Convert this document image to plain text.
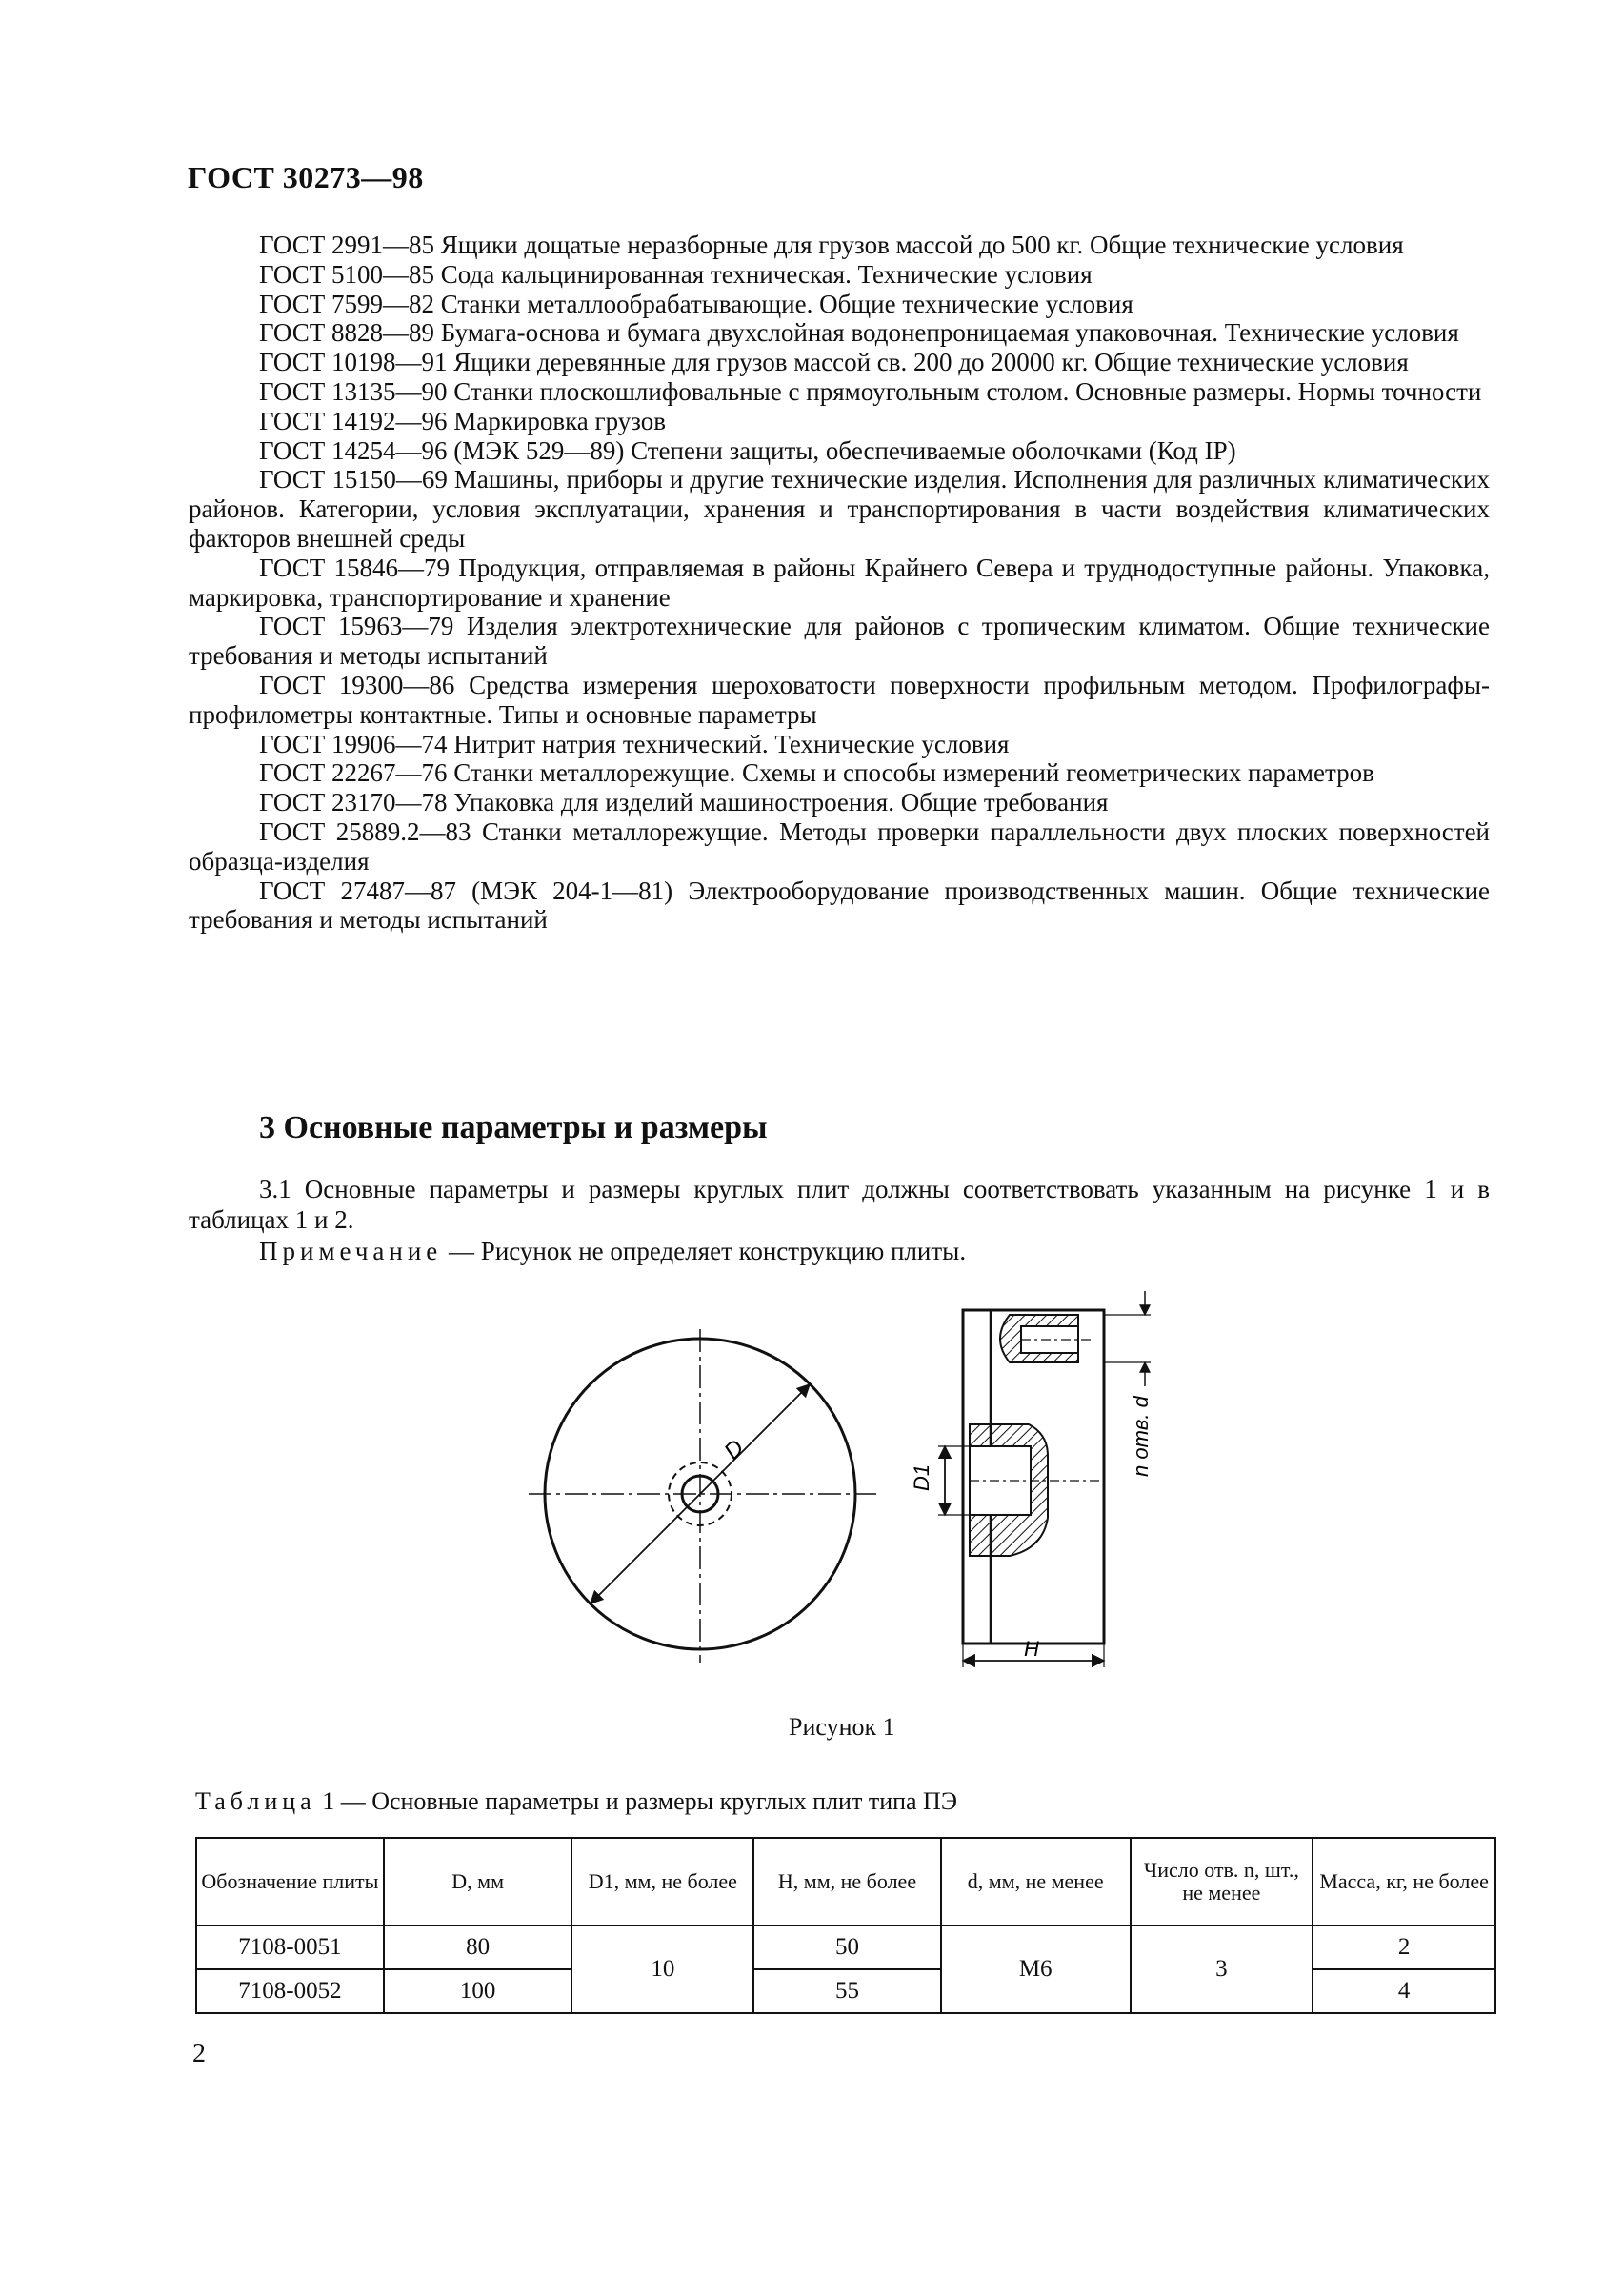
ГОСТ 30273—98
ГОСТ 2991—85 Ящики дощатые неразборные для грузов массой до 500 кг. Общие технические условия
ГОСТ 5100—85 Сода кальцинированная техническая. Технические условия
ГОСТ 7599—82 Станки металлообрабатывающие. Общие технические условия
ГОСТ 8828—89 Бумага-основа и бумага двухслойная водонепроницаемая упаковочная. Технические условия
ГОСТ 10198—91 Ящики деревянные для грузов массой св. 200 до 20000 кг. Общие технические условия
ГОСТ 13135—90 Станки плоскошлифовальные с прямоугольным столом. Основные размеры. Нормы точности
ГОСТ 14192—96 Маркировка грузов
ГОСТ 14254—96 (МЭК 529—89) Степени защиты, обеспечиваемые оболочками (Код IP)
ГОСТ 15150—69 Машины, приборы и другие технические изделия. Исполнения для различных климатических районов. Категории, условия эксплуатации, хранения и транспортирования в части воздействия климатических факторов внешней среды
ГОСТ 15846—79 Продукция, отправляемая в районы Крайнего Севера и труднодоступные районы. Упаковка, маркировка, транспортирование и хранение
ГОСТ 15963—79 Изделия электротехнические для районов с тропическим климатом. Общие технические требования и методы испытаний
ГОСТ 19300—86 Средства измерения шероховатости поверхности профильным методом. Профилографы-профилометры контактные. Типы и основные параметры
ГОСТ 19906—74 Нитрит натрия технический. Технические условия
ГОСТ 22267—76 Станки металлорежущие. Схемы и способы измерений геометрических параметров
ГОСТ 23170—78 Упаковка для изделий машиностроения. Общие требования
ГОСТ 25889.2—83 Станки металлорежущие. Методы проверки параллельности двух плоских поверхностей образца-изделия
ГОСТ 27487—87 (МЭК 204-1—81) Электрооборудование производственных машин. Общие технические требования и методы испытаний
3 Основные параметры и размеры
3.1 Основные параметры и размеры круглых плит должны соответствовать указанным на рисунке 1 и в таблицах 1 и 2.
Примечание — Рисунок не определяет конструкцию плиты.
D
D1
n отв. d
H
Рисунок 1
Таблица 1 — Основные параметры и размеры круглых плит типа ПЭ
Обозначение плиты	D, мм	D1, мм, не более	H, мм, не более	d, мм, не менее	Число отв. n, шт., не менее	Масса, кг, не более
7108-0051	80	10	50	М6	3	2
7108-0052	100		55			4
2
